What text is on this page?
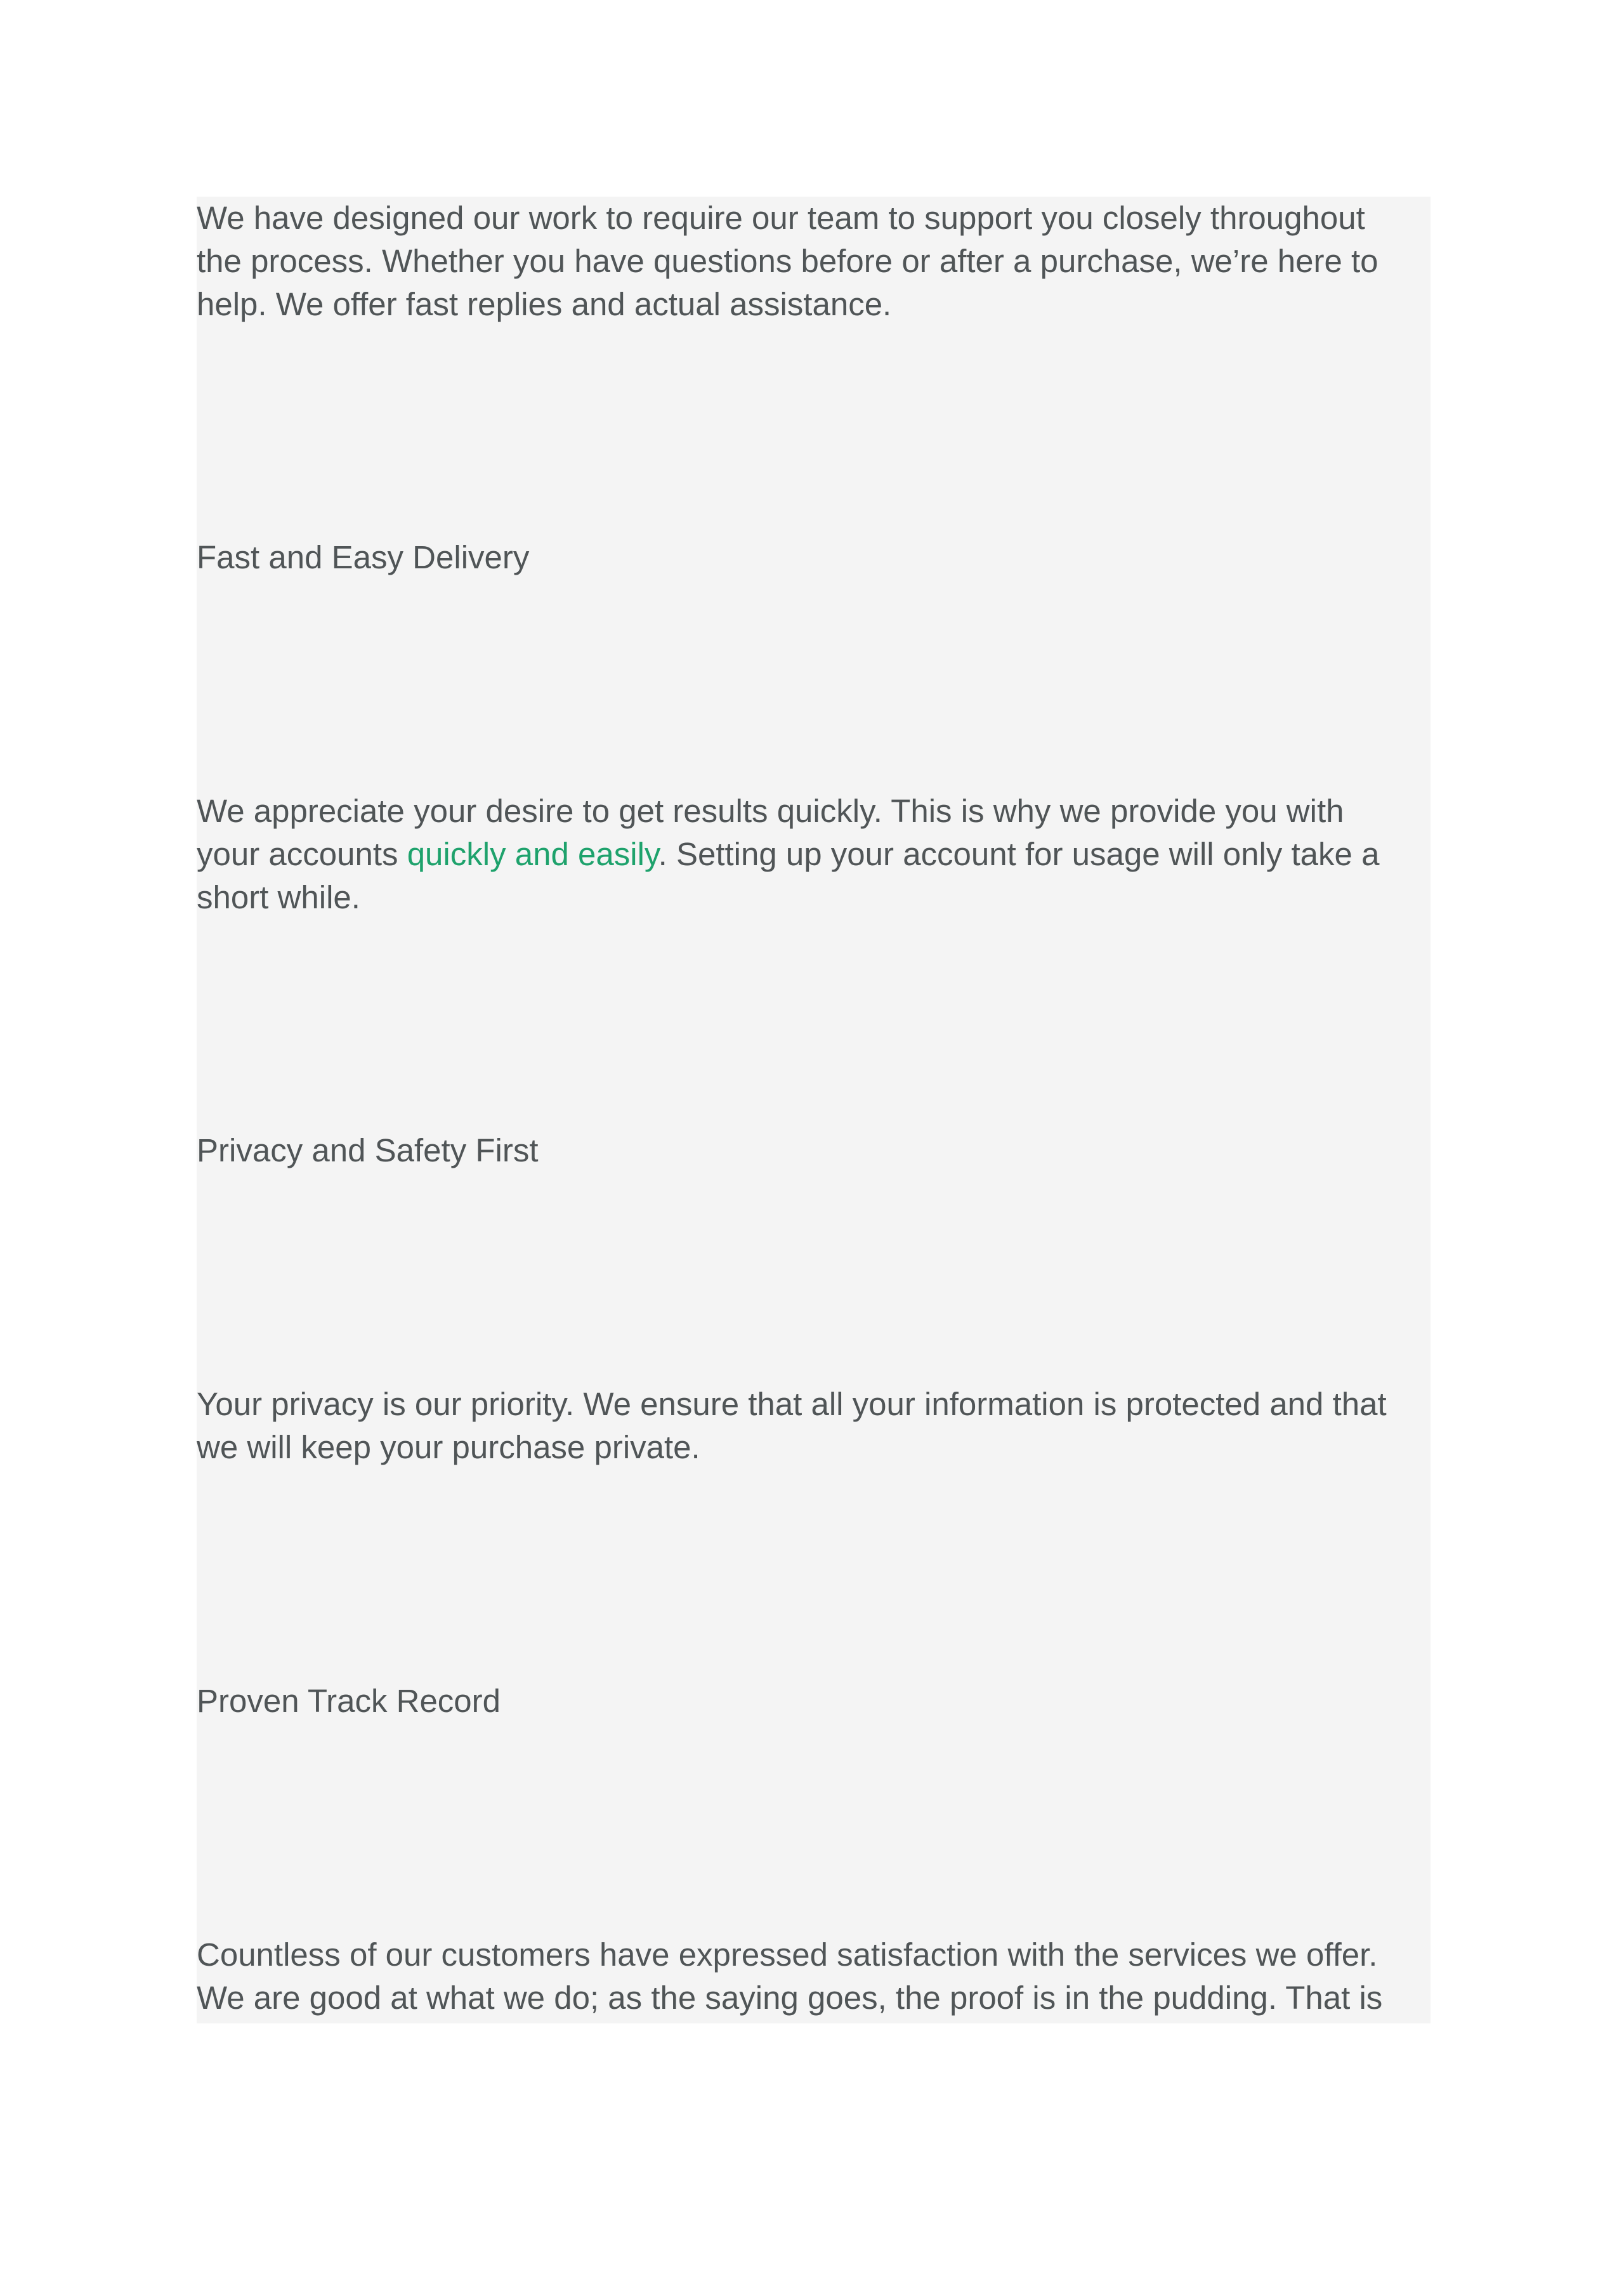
We have designed our work to require our team to support you closely throughout the process. Whether you have questions before or after a purchase, we’re here to help. We offer fast replies and actual assistance.

Fast and Easy Delivery

We appreciate your desire to get results quickly. This is why we provide you with your accounts quickly and easily. Setting up your account for usage will only take a short while.

Privacy and Safety First

Your privacy is our priority. We ensure that all your information is protected and that we will keep your purchase private.

Proven Track Record

Countless of our customers have expressed satisfaction with the services we offer. We are good at what we do; as the saying goes, the proof is in the pudding. That is
